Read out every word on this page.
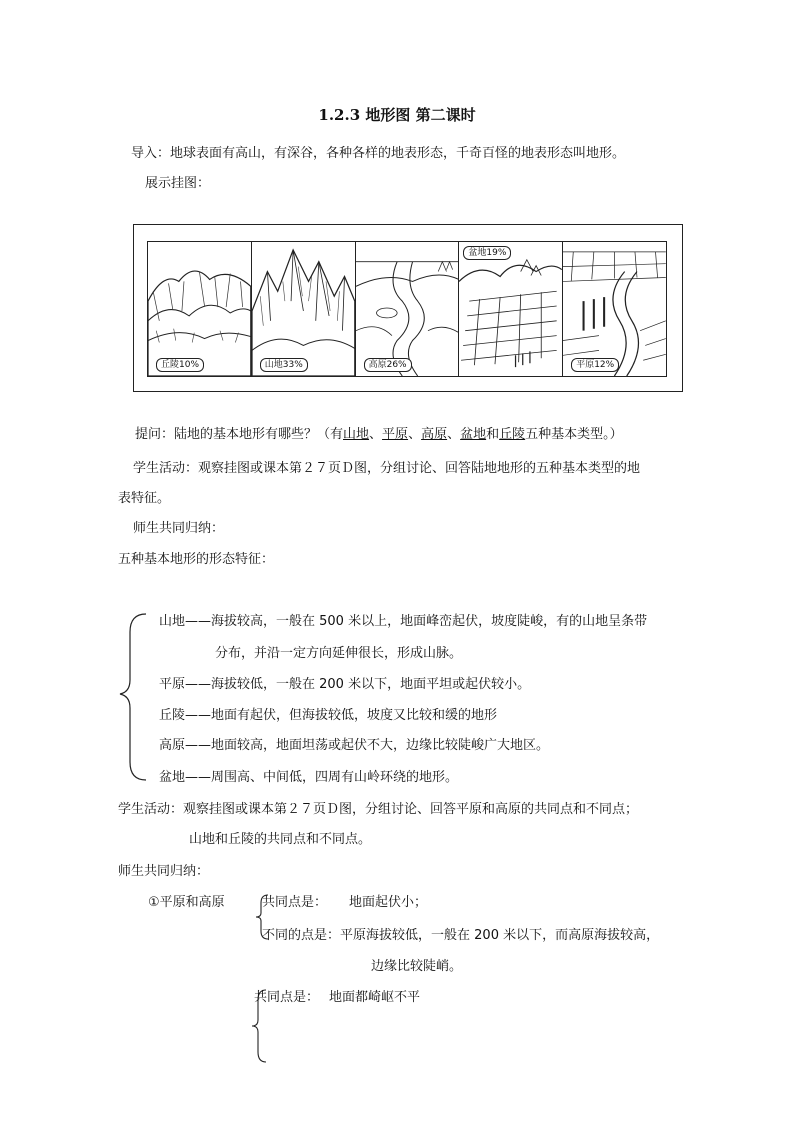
1.2.3 地形图 第二课时
导入：地球表面有高山，有深谷，各种各样的地表形态，千奇百怪的地表形态叫地形。
展示挂图：
丘陵10%	山地33%	高原26%
盆地19%
平原12%
提问：陆地的基本地形有哪些？（有山地、平原、高原、盆地和丘陵五种基本类型。）
学生活动：观察挂图或课本第２７页Ｄ图，分组讨论、回答陆地地形的五种基本类型的地
表特征。
师生共同归纳：
五种基本地形的形态特征：
山地——海拔较高，一般在 500 米以上，地面峰峦起伏，坡度陡峻，有的山地呈条带
分布，并沿一定方向延伸很长，形成山脉。
平原——海拔较低，一般在 200 米以下，地面平坦或起伏较小。
丘陵——地面有起伏，但海拔较低，坡度又比较和缓的地形
高原——地面较高，地面坦荡或起伏不大，边缘比较陡峻广大地区。
盆地——周围高、中间低，四周有山岭环绕的地形。
学生活动：观察挂图或课本第２７页Ｄ图，分组讨论、回答平原和高原的共同点和不同点；
山地和丘陵的共同点和不同点。
师生共同归纳：
①平原和高原	共同点是： 地面起伏小；
不同的点是：平原海拔较低，一般在 200 米以下，而高原海拔较高，
边缘比较陡峭。
共同点是： 地面都崎岖不平
